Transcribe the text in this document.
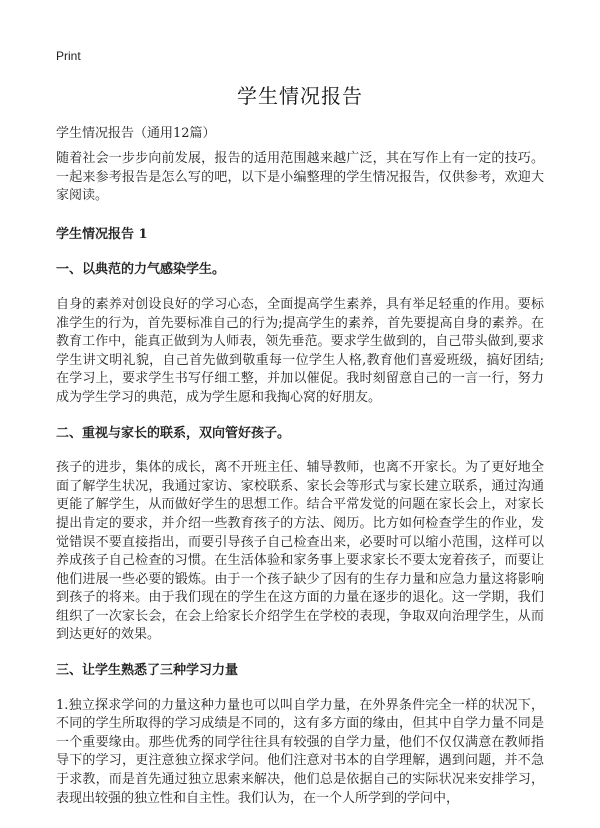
Print
学生情况报告
学生情况报告（通用12篇）

随着社会一步步向前发展，报告的适用范围越来越广泛，其在写作上有一定的技巧。一起来参考报告是怎么写的吧，以下是小编整理的学生情况报告，仅供参考，欢迎大家阅读。

学生情况报告 1

一、以典范的力气感染学生。

自身的素养对创设良好的学习心态，全面提高学生素养，具有举足轻重的作用。要标准学生的行为，首先要标准自己的行为;提高学生的素养，首先要提高自身的素养。在教育工作中，能真正做到为人师表，领先垂范。要求学生做到的，自己带头做到,要求学生讲文明礼貌，自己首先做到敬重每一位学生人格,教育他们喜爱班级，搞好团结;在学习上，要求学生书写仔细工整，并加以催促。我时刻留意自己的一言一行，努力成为学生学习的典范，成为学生愿和我掏心窝的好朋友。

二、重视与家长的联系，双向管好孩子。

孩子的进步，集体的成长，离不开班主任、辅导教师，也离不开家长。为了更好地全面了解学生状况，我通过家访、家校联系、家长会等形式与家长建立联系，通过沟通更能了解学生，从而做好学生的思想工作。结合平常发觉的问题在家长会上，对家长提出肯定的要求，并介绍一些教育孩子的方法、阅历。比方如何检查学生的作业，发觉错误不要直接指出，而要引导孩子自己检查出来，必要时可以缩小范围，这样可以养成孩子自己检查的习惯。在生活体验和家务事上要求家长不要太宠着孩子，而要让他们进展一些必要的锻炼。由于一个孩子缺少了因有的生存力量和应急力量这将影响到孩子的将来。由于我们现在的学生在这方面的力量在逐步的退化。这一学期，我们组织了一次家长会，在会上给家长介绍学生在学校的表现，争取双向治理学生，从而到达更好的效果。

三、让学生熟悉了三种学习力量

1.独立探求学问的力量这种力量也可以叫自学力量，在外界条件完全一样的状况下，不同的学生所取得的学习成绩是不同的，这有多方面的缘由，但其中自学力量不同是一个重要缘由。那些优秀的同学往往具有较强的自学力量，他们不仅仅满意在教师指导下的学习，更注意独立探求学问。他们注意对书本的自学理解，遇到问题，并不急于求教，而是首先通过独立思索来解决，他们总是依据自己的实际状况来安排学习，表现出较强的独立性和自主性。我们认为，在一个人所学到的学问中，
